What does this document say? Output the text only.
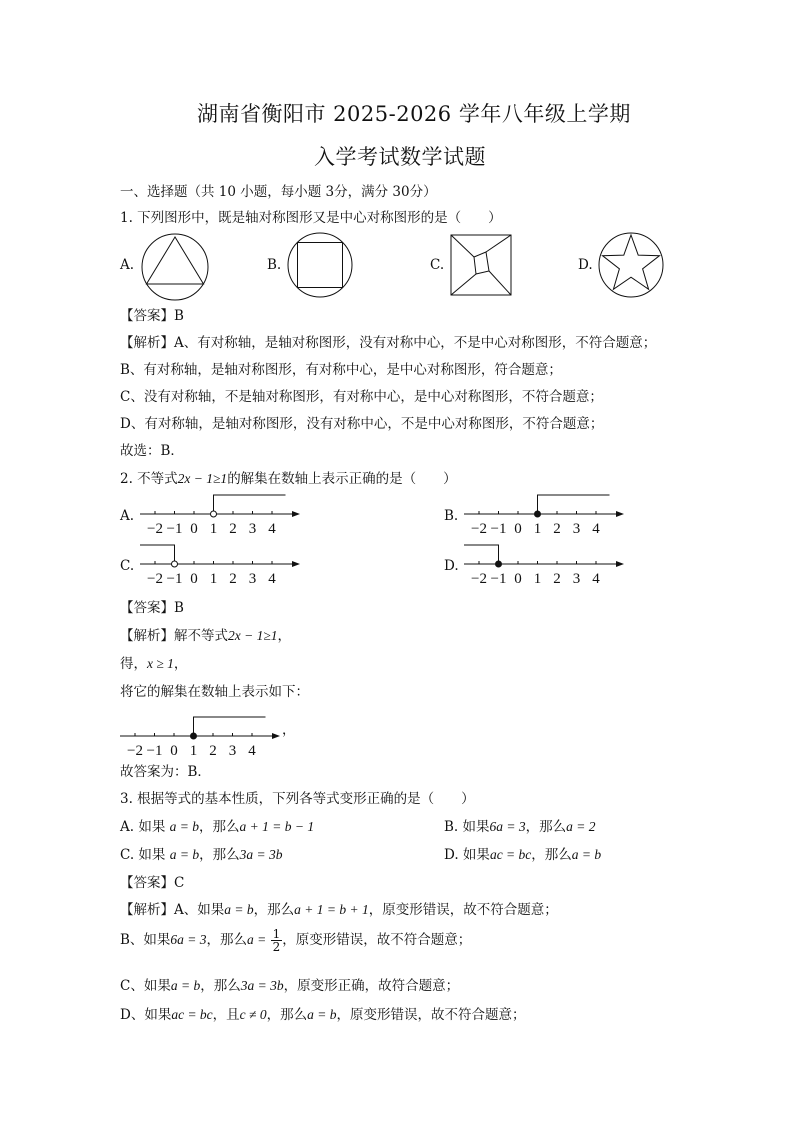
湖南省衡阳市 2025-2026 学年八年级上学期
入学考试数学试题
一、选择题（共 10 小题，每小题 3分，满分 30分）
1. 下列图形中，既是轴对称图形又是中心对称图形的是（　　）
A.	B.	C.	D.
【答案】B
【解析】A、有对称轴，是轴对称图形，没有对称中心，不是中心对称图形，不符合题意；
B、有对称轴，是轴对称图形，有对称中心，是中心对称图形，符合题意；
C、没有对称轴，不是轴对称图形，有对称中心，是中心对称图形，不符合题意；
D、有对称轴，是轴对称图形，没有对称中心，不是中心对称图形，不符合题意；
故选：B．
2. 不等式2x − 1≥1的解集在数轴上表示正确的是（　　）
A.
−2 −1 0 1 2 3 4
B.
−2 −1 0 1 2 3 4
C.
−2 −1 0 1 2 3 4
D.
−2 −1 0 1 2 3 4
【答案】B
【解析】解不等式2x − 1≥1，
得，x ≥ 1，
将它的解集在数轴上表示如下：
−2 −1 0 1 2 3 4
，
故答案为：B．
3. 根据等式的基本性质，下列各等式变形正确的是（　　）
A. 如果 a = b，那么a + 1 = b − 1	B. 如果6a = 3，那么a = 2
C. 如果 a = b，那么3a = 3b	D. 如果ac = bc，那么a = b
【答案】C
【解析】A、如果a = b，那么a + 1 = b + 1，原变形错误，故不符合题意；
B、如果6a = 3，那么$a = \frac{1}{2}$ ，原变形错误，故不符合题意；
C、如果a = b，那么3a = 3b，原变形正确，故符合题意；
D、如果ac = bc，且c ≠ 0，那么a = b，原变形错误，故不符合题意；
